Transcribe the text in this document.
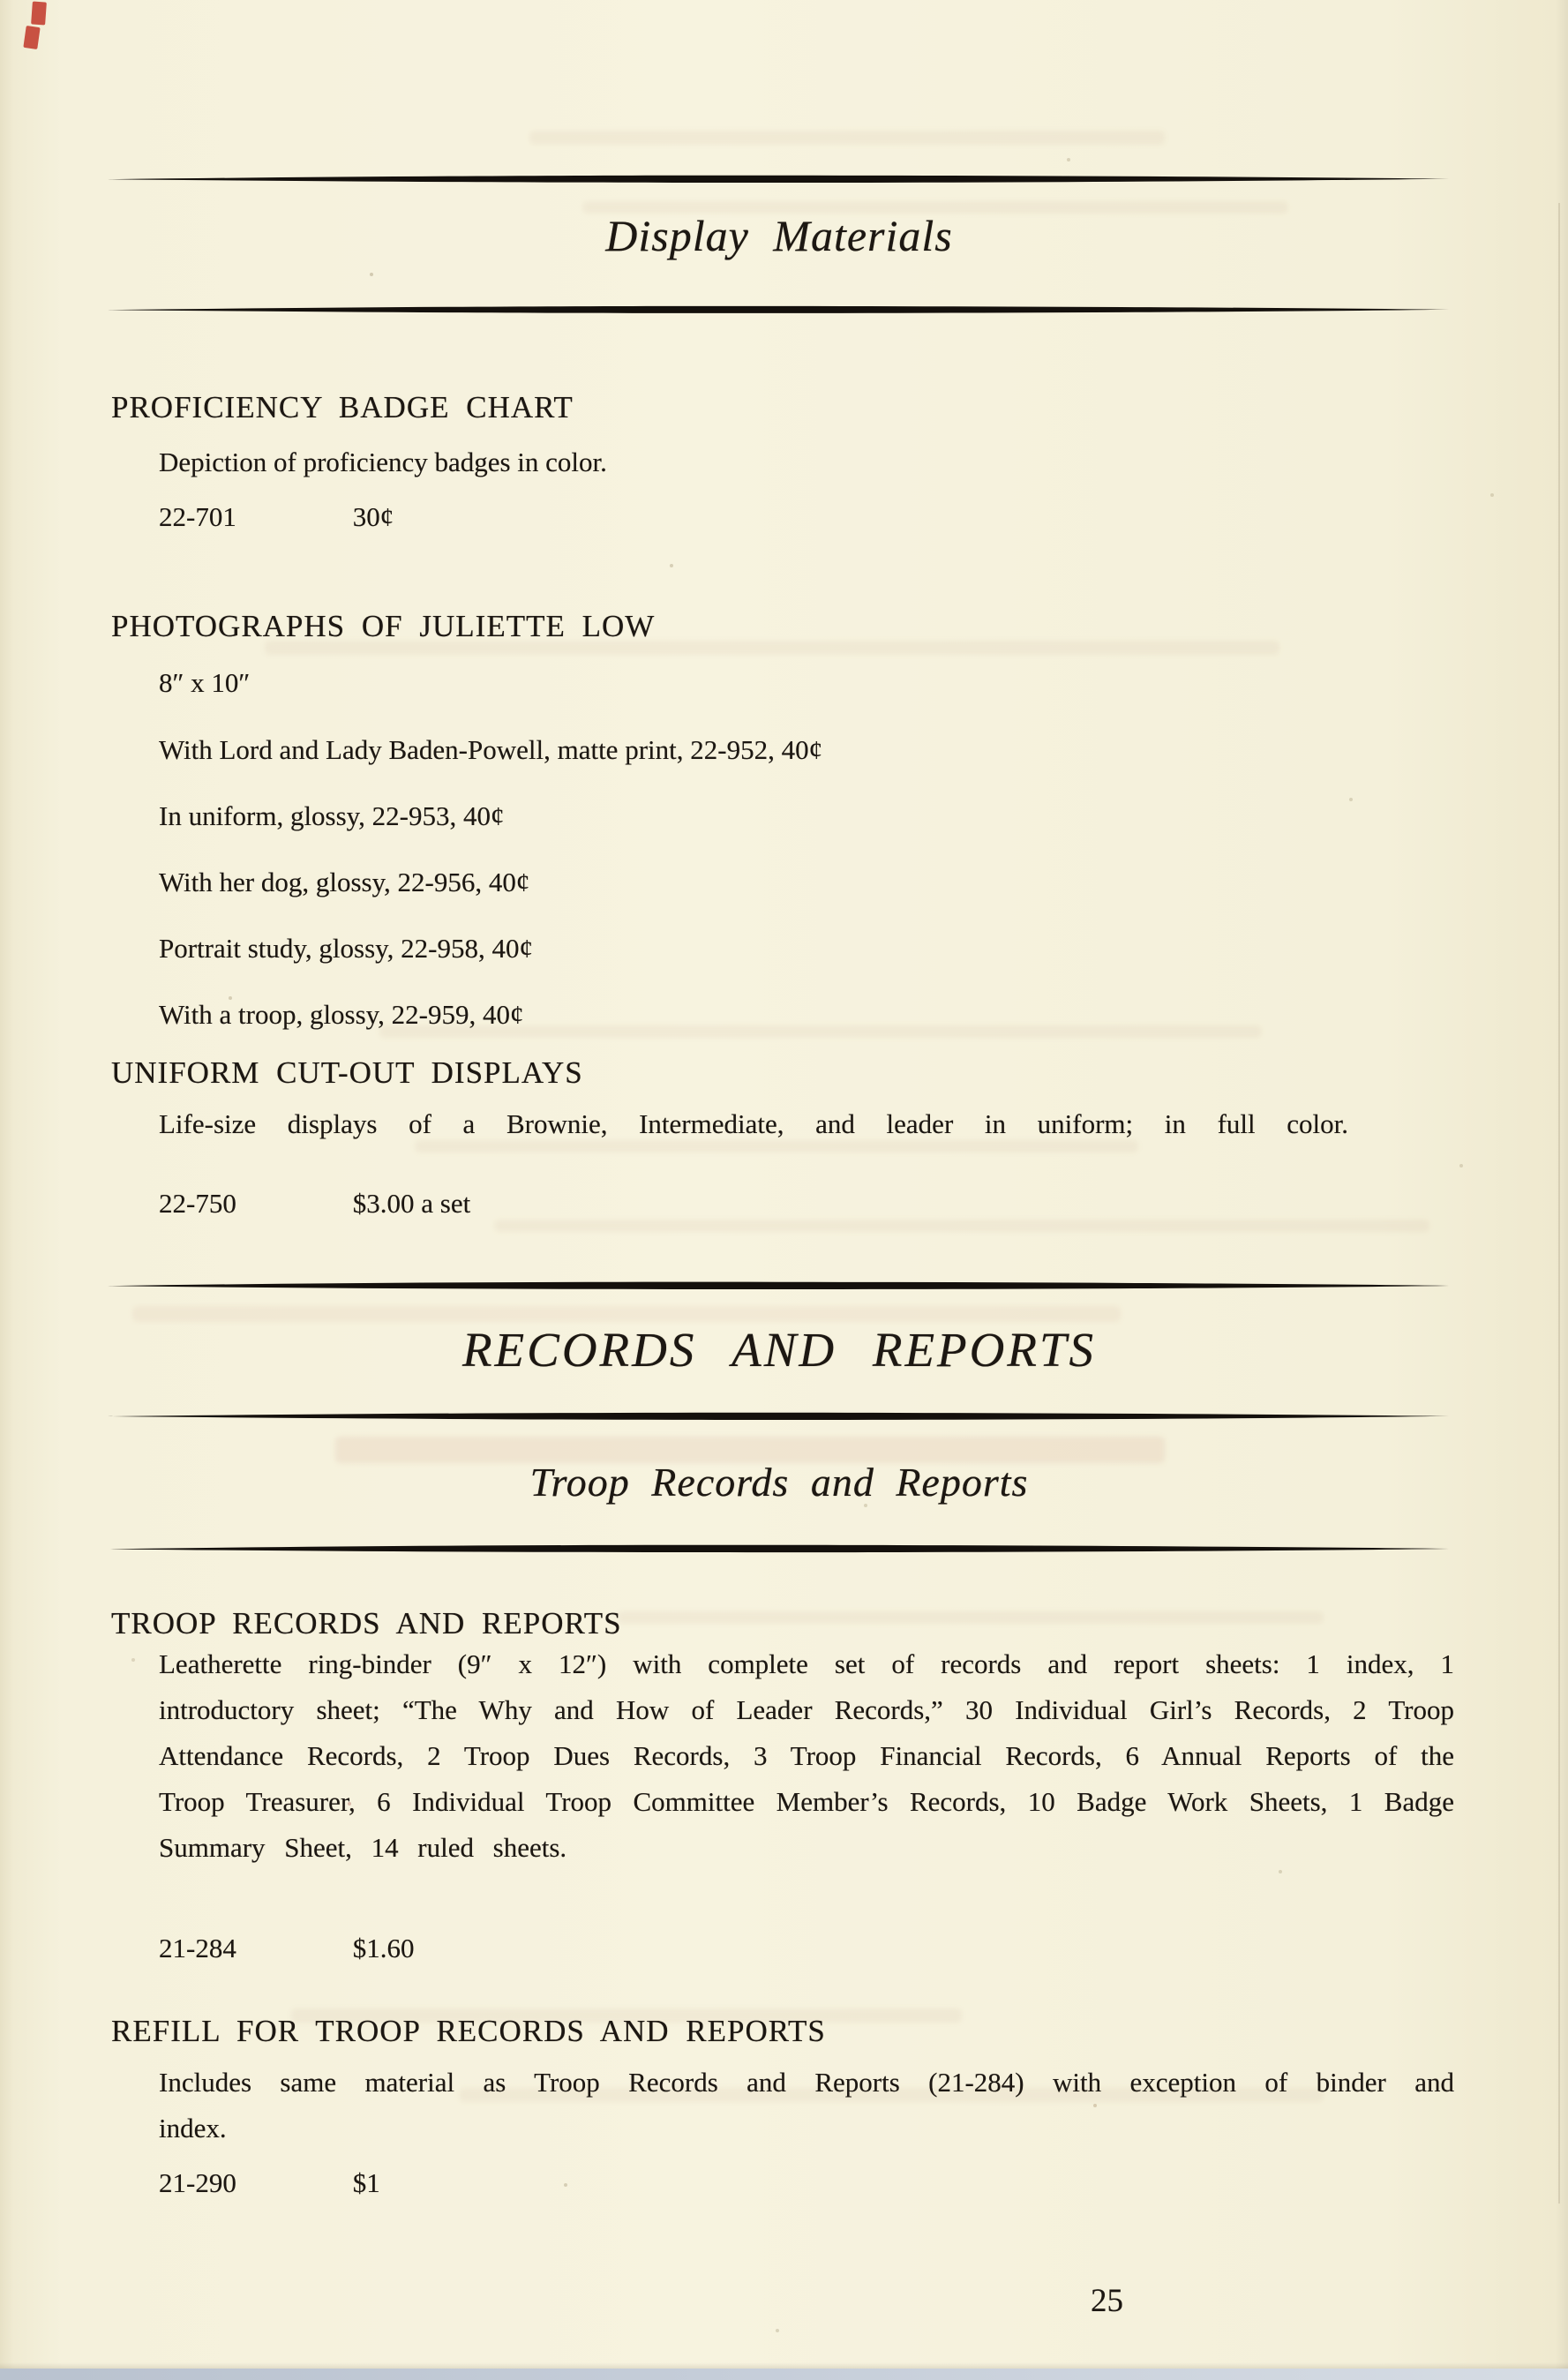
Display Materials
PROFICIENCY BADGE CHART
Depiction of proficiency badges in color.
22-701	30¢
PHOTOGRAPHS OF JULIETTE LOW
8″ x 10″
With Lord and Lady Baden-Powell, matte print, 22-952, 40¢
In uniform, glossy, 22-953, 40¢
With her dog, glossy, 22-956, 40¢
Portrait study, glossy, 22-958, 40¢
With a troop, glossy, 22-959, 40¢
UNIFORM CUT-OUT DISPLAYS
Life-size displays of a Brownie, Intermediate, and leader in uniform; in full color.
22-750	$3.00 a set
RECORDS AND REPORTS
Troop Records and Reports
TROOP RECORDS AND REPORTS
Leatherette ring-binder (9″ x 12″) with complete set of records and report sheets: 1 index, 1 introductory sheet; “The Why and How of Leader Records,” 30 Individual Girl’s Records, 2 Troop Attendance Records, 2 Troop Dues Records, 3 Troop Financial Records, 6 Annual Reports of the Troop Treasurer, 6 Individual Troop Committee Member’s Records, 10 Badge Work Sheets, 1 Badge Summary Sheet, 14 ruled sheets.
21-284	$1.60
REFILL FOR TROOP RECORDS AND REPORTS
Includes same material as Troop Records and Reports (21-284) with exception of binder and index.
21-290	$1
25
